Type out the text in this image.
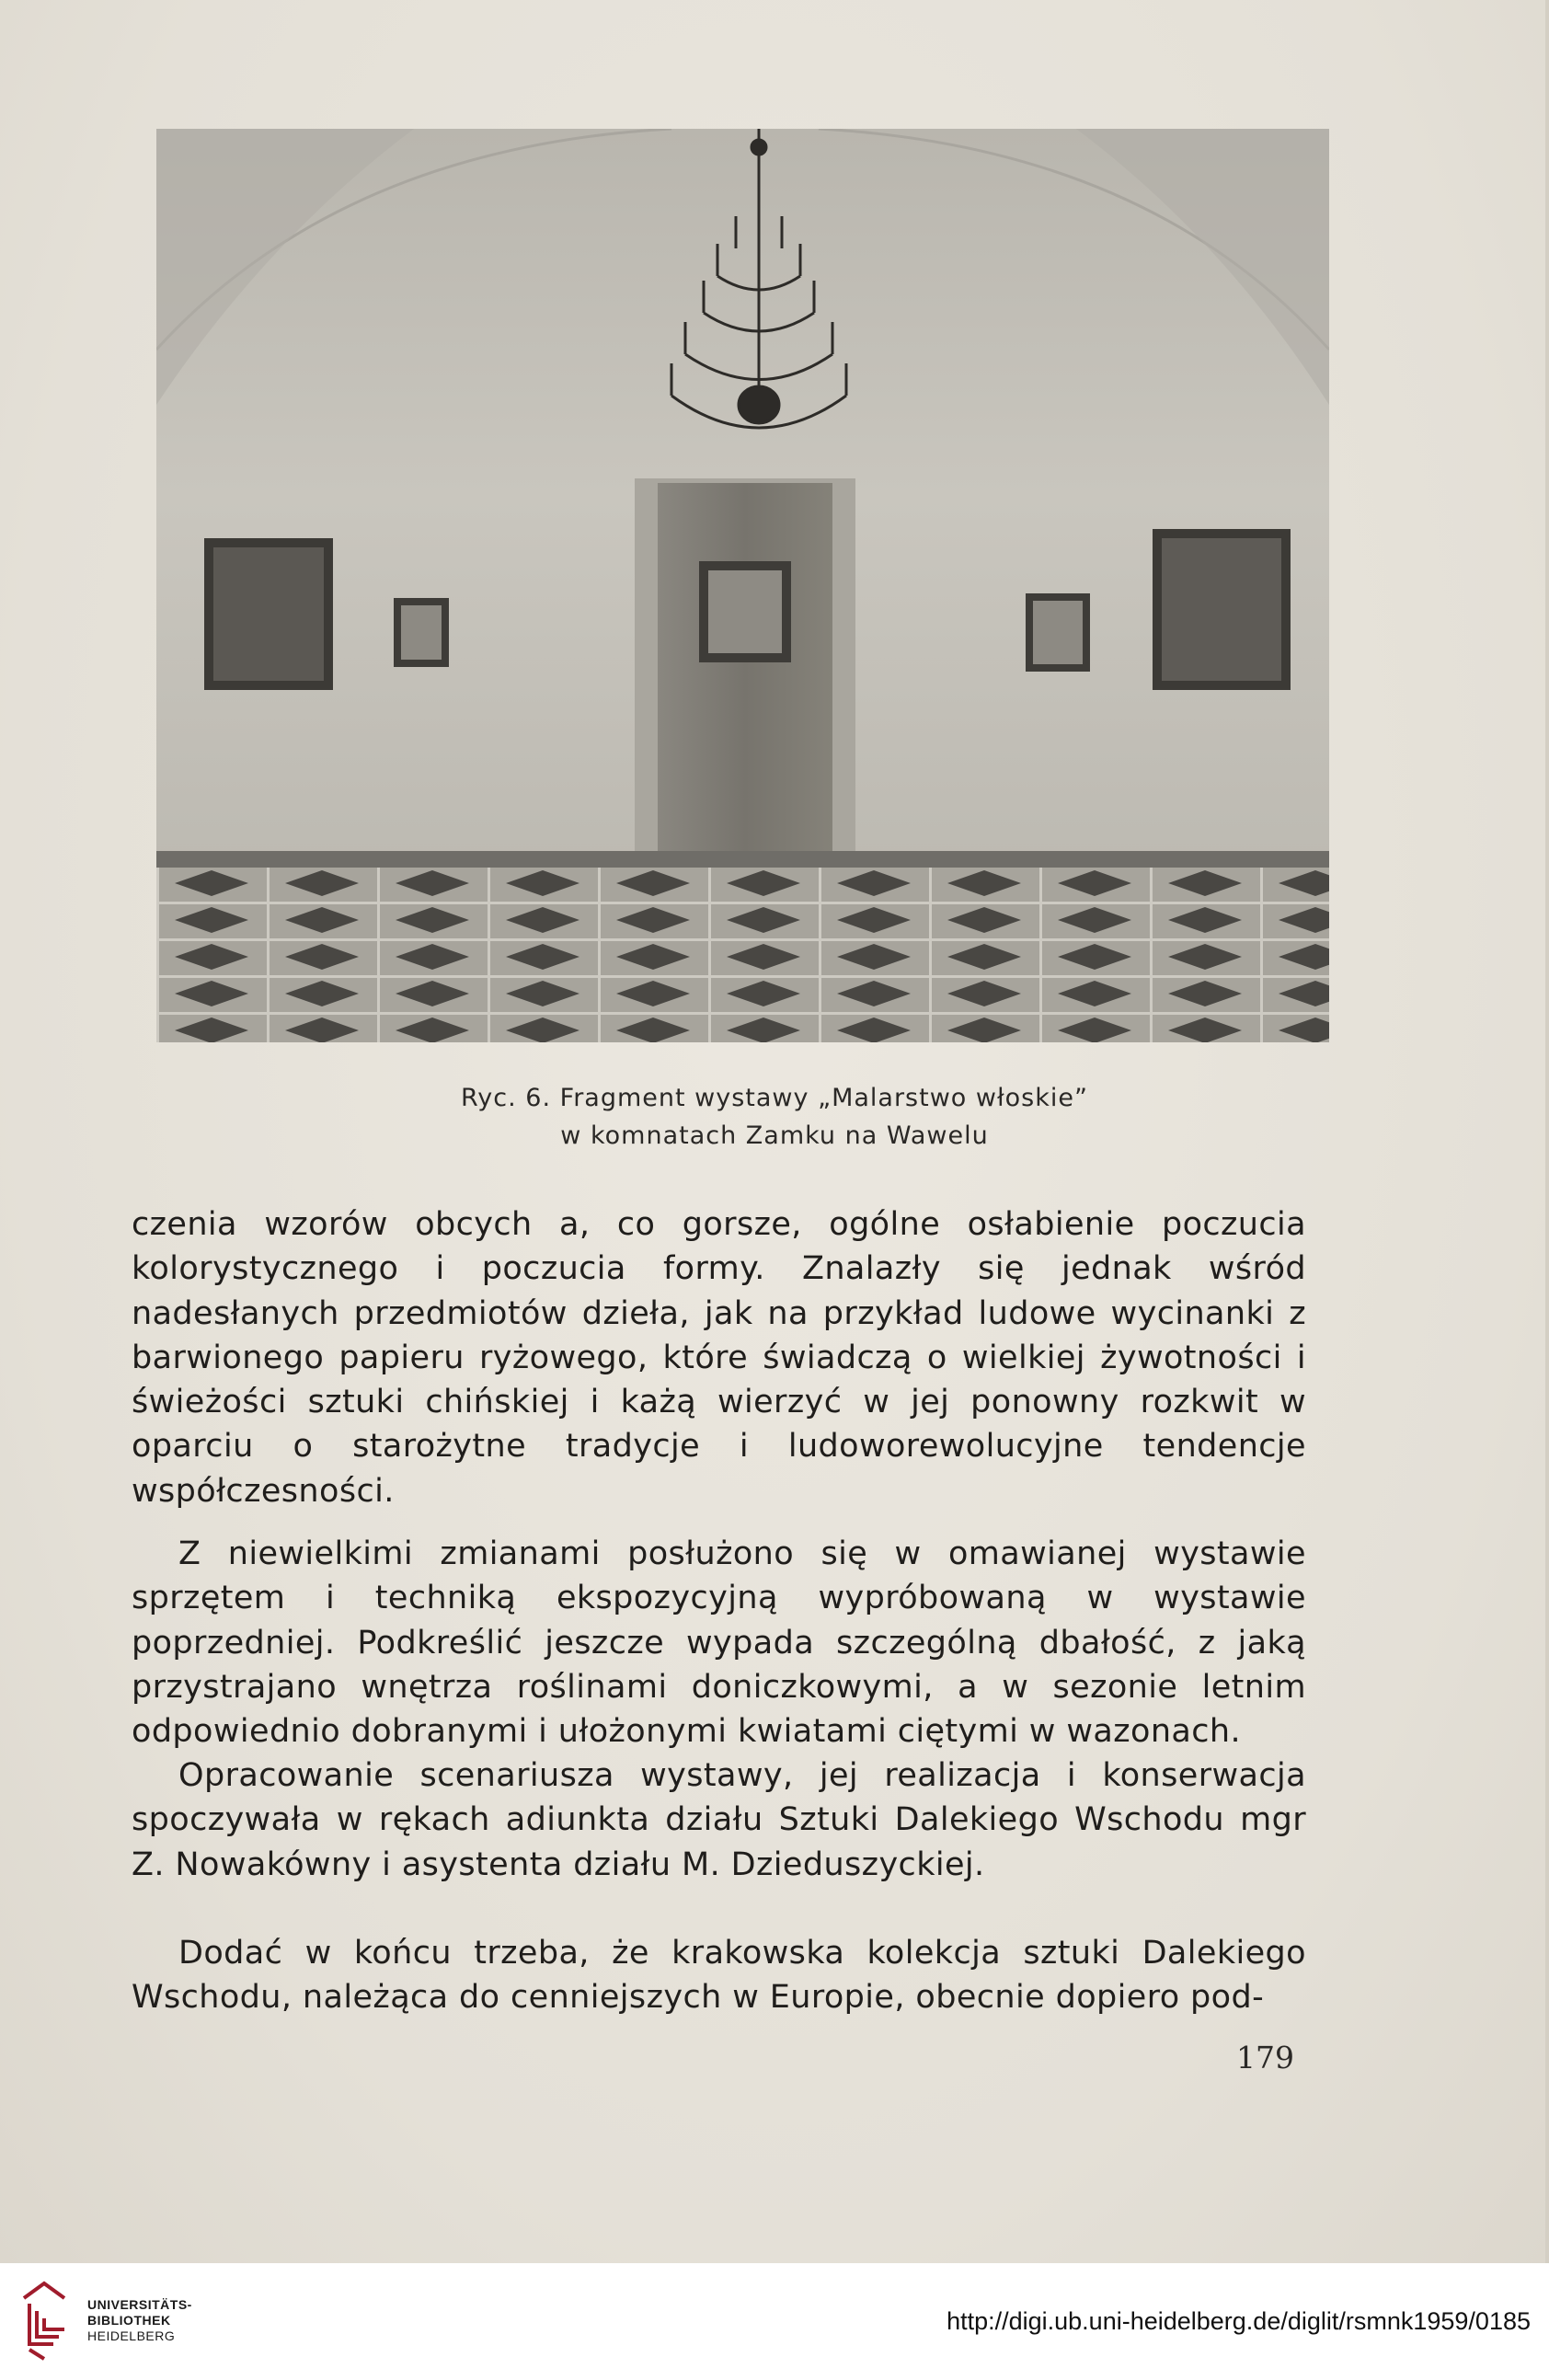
Ryc. 6. Fragment wystawy „Malarstwo włoskie”
w komnatach Zamku na Wawelu

czenia wzorów obcych a, co gorsze, ogólne osłabienie poczucia kolorystycznego i poczucia formy. Znalazły się jednak wśród nadesłanych przedmiotów dzieła, jak na przykład ludowe wycinanki z barwionego papieru ryżowego, które świadczą o wielkiej żywotności i świeżości sztuki chińskiej i każą wierzyć w jej ponowny rozkwit w oparciu o starożytne tradycje i ludoworewolucyjne tendencje współczesności.

Z niewielkimi zmianami posłużono się w omawianej wystawie sprzętem i techniką ekspozycyjną wypróbowaną w wystawie poprzedniej. Podkreślić jeszcze wypada szczególną dbałość, z jaką przystrajano wnętrza roślinami doniczkowymi, a w sezonie letnim odpowiednio dobranymi i ułożonymi kwiatami ciętymi w wazonach.

Opracowanie scenariusza wystawy, jej realizacja i konserwacja spoczywała w rękach adiunkta działu Sztuki Dalekiego Wschodu mgr Z. Nowakówny i asystenta działu M. Dzieduszyckiej.

Dodać w końcu trzeba, że krakowska kolekcja sztuki Dalekiego Wschodu, należąca do cenniejszych w Europie, obecnie dopiero pod-

179
UNIVERSITÄTS-
BIBLIOTHEK
HEIDELBERG
http://digi.ub.uni-heidelberg.de/diglit/rsmnk1959/0185
